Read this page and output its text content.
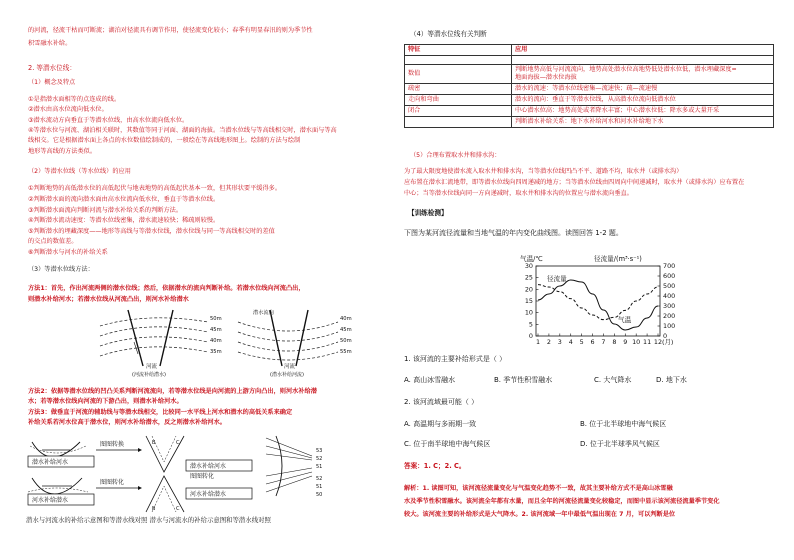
的河流，径流干枯而可断流；湖泊对径流具有调节作用，使径流变化较小；春季有明显春汛的则为季节性
积雪融水补给。
2. 等潜水位线：
（1）概念及特点
①是指潜水面相等的点连成的线。
②潜水由高水位流向低水位。
③潜水流动方向垂直于等潜水位线，由高水位流向低水位。
④等潜水位与河流、湖泊相关联时，其数值等同于河面、湖面的海拔。当潜水位线与等高线相交时，潜水面与等高
线相交。它是根据潜水面上各点的水位数值绘制成的，一般绘在等高线地形图上。绘制的方法与绘制
地形等高线的方法类似。
（2）等潜水位线（等水位线）的应用
①判断地势的高低潜水位的高低起伏与地表地势的高低起伏基本一致，但其形状要平缓得多。
②判断潜水面的流向潜水面由高水位流向低水位，垂直于等潜水位线。
③判断潜水面流向判断河流与潜水补给关系的判断方法。
④判断潜水流动速度：等潜水位线密集，潜水流速较快；稀疏则较慢。
⑤判断潜水的埋藏深度——地形等高线与等潜水位线，潜水位线与同一等高线相交时的差值
的交点的数值差。
⑥判断潜水与河水的补给关系
（3）等潜水位线方法：
方法1：首先，作出河流两侧的潜水位线；然后，依据潜水的流向判断补给。若潜水位线向河流凸出，
则潜水补给河水；若潜水位线从河流凸出，则河水补给潜水
50m
45m
40m
35m
河流
(河流补给潜水)
潜水流向
40m
45m
50m
55m
河流
(潜水补给河流)
方法2：依据等潜水位线的凹凸关系判断河流流向，若等潜水位线是向河流的上游方向凸出，则河水补给潜
水；若等潜水位线向河流的下游凸出，则潜水补给河水。
方法3：做垂直于河流的辅助线与等潜水线相交，比较同一水平线上河水和潜水的高低关系来确定
补给关系若河水位高于潜水位，则河水补给潜水，反之则潜水补给河水。
图图转换
潜水补给河水
图图转化
河水补给潜水
B	C
B	C
潜水补给河水
图图转化
河水补给潜水
53
52
51
52
51
50
潜水与河流水的补给示意图和等潜水线对照 潜水与河流水的补给示意图和等潜水线对照
（4）等潜水位线有关判断
特征	应用

数值	判断地势高低与河流流向，地势高处潜水位高地势低处潜水位低，潜水埋藏深度=
地面海拔—潜水位海拔

疏密	潜水的流速：等潜水位线密集—流速快；疏—流速慢
走向和弯曲	潜水的流向：垂直于等潜水位线，从高潜水位流向低潜水位
闭合	中心潜水位高：地势高处或者降水丰富；中心潜水位低：降水多或大量开采
	判断潜水补给关系：地下水补给河水和河水补给地下水
（5）合理布置取水井和排水沟：
为了最大限度地使潜水流入取水井和排水沟，当等潜水位线凹凸不平、道路不均，取水井（或排水沟）
应布置在潜水汇流地带，即等潜水位线向四周递减的地方；当等潜水位线由四周向中间递减时，取水井（或排水沟）应布置在
中心；当等潜水位线向同一方向递减时，取水井和排水沟的位置应与潜水流向垂直。
【训练检测】
下图为某河流径流量和当地气温的年内变化曲线图。读图回答 1-2 题。
气温/℃	径流量/(m³·s⁻¹)
0
5
10
15
20
25
30
0
100
200
300
400
500
600
700
1 2 3 4 5 6 7 8 9 10 11 12 (月)
径流量
气温
1. 该河流的主要补给形式是（ ）
A. 高山冰雪融水	B. 季节性积雪融水	C. 大气降水	D. 地下水
2. 该河流域最可能（ ）
A. 高温期与多雨期一致	B. 位于北半球地中海气候区
C. 位于南半球地中海气候区	D. 位于北半球季风气候区
答案：1. C；2. C。
解析：1. 读图可知，该河流径流量变化与气温变化趋势不一致，故其主要补给方式不是高山冰雪融
水及季节性积雪融水。该河流全年都有水量，而且全年的河流径流量变化较稳定，而图中显示该河流径流量季节变化
较大。该河流主要的补给形式是大气降水。2. 该河流域一年中最低气温出现在 7 月，可以判断是位
